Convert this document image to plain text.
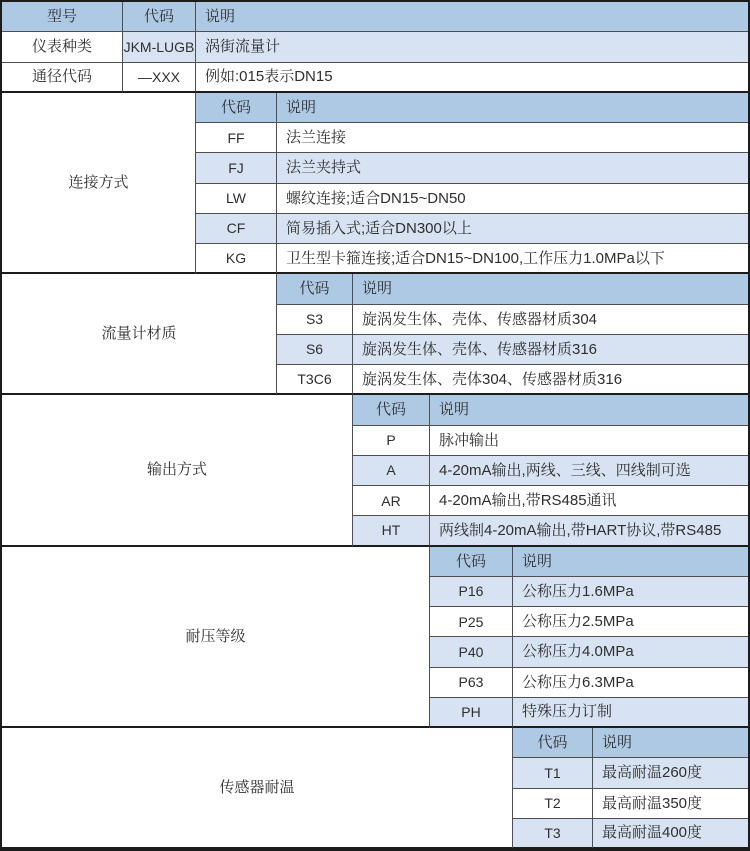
型号	代码	说明
仪表种类	JKM-LUGB 涡街流量计
通径代码	—XXX	例如:015表示DN15
连接方式
代码	说明
FF	法兰连接
FJ	法兰夹持式
LW	螺纹连接;适合DN15~DN50
CF	简易插入式;适合DN300以上
KG	卫生型卡箍连接;适合DN15~DN100,工作压力1.0MPa以下
流量计材质
代码	说明
S3	旋涡发生体、壳体、传感器材质304
S6	旋涡发生体、壳体、传感器材质316
T3C6	旋涡发生体、壳体304、传感器材质316
输出方式
代码	说明
P	脉冲输出
A	4-20mA输出,两线、三线、四线制可选
AR	4-20mA输出,带RS485通讯
HT	两线制4-20mA输出,带HART协议,带RS485
耐压等级
代码	说明
P16	公称压力1.6MPa
P25	公称压力2.5MPa
P40	公称压力4.0MPa
P63	公称压力6.3MPa
PH	特殊压力订制
传感器耐温
代码	说明
T1	最高耐温260度
T2	最高耐温350度
T3	最高耐温400度
